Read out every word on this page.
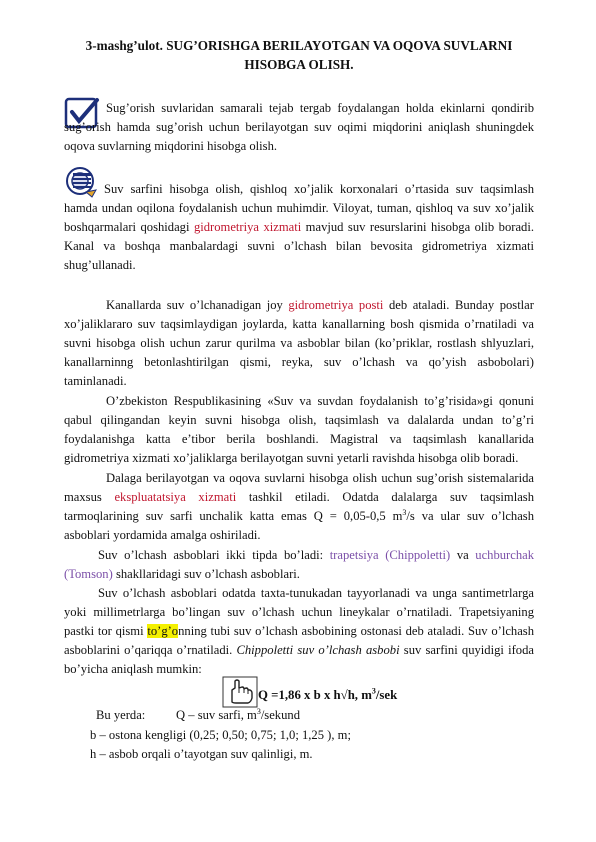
3-mashg’ulot. SUG’ORISHGA BERILAYOTGAN VA OQOVA SUVLARNI
HISOBGA OLISH.
Sug’orish suvlaridan samarali tejab tergab foydalangan holda ekinlarni qondirib sug’orish hamda sug’orish uchun berilayotgan suv oqimi miqdorini aniqlash shuningdek oqova suvlarning miqdorini hisobga olish.
Suv sarfini hisobga olish, qishloq xo’jalik korxonalari o’rtasida suv taqsimlash hamda undan oqilona foydalanish uchun muhimdir. Viloyat, tuman, qishloq va suv xo’jalik boshqarmalari qoshidagi gidrometriya xizmati mavjud suv resurslarini hisobga olib boradi. Kanal va boshqa manbalardagi suvni o’lchash bilan bevosita gidrometriya xizmati shug’ullanadi.
Kanallarda suv o’lchanadigan joy gidrometriya posti deb ataladi. Bunday postlar xo’jaliklararo suv taqsimlaydigan joylarda, katta kanallarning bosh qismida o’rnatiladi va suvni hisobga olish uchun zarur qurilma va asboblar bilan (ko’priklar, rostlash shlyuzlari, kanallarninng betonlashtirilgan qismi, reyka, suv o’lchash va qo’yish asbobolari) taminlanadi.
O’zbekiston Respublikasining «Suv va suvdan foydalanish to’g’risida»gi qonuni qabul qilingandan keyin suvni hisobga olish, taqsimlash va dalalarda undan to’g’ri foydalanishga katta e’tibor berila boshlandi. Magistral va taqsimlash kanallarida gidrometriya xizmati xo’jaliklarga berilayotgan suvni yetarli ravishda hisobga olib boradi.
Dalaga berilayotgan va oqova suvlarni hisobga olish uchun sug’orish sistemalarida maxsus ekspluatatsiya xizmati tashkil etiladi. Odatda dalalarga suv taqsimlash tarmoqlarining suv sarfi unchalik katta emas Q = 0,05-0,5 $m^3/s$ va ular suv o’lchash asboblari yordamida amalga oshiriladi.
Suv o’lchash asboblari ikki tipda bo’ladi: trapetsiya (Chippoletti) va uchburchak (Tomson) shakllaridagi suv o’lchash asboblari.
Suv o’lchash asboblari odatda taxta-tunukadan tayyorlanadi va unga santimetrlarga yoki millimetrlarga bo’lingan suv o’lchash uchun lineykalar o’rnatiladi. Trapetsiyaning pastki tor qismi to’g’onning tubi suv o’lchash asbobining ostonasi deb ataladi. Suv o’lchash asboblarini o’qariqqa o’rnatiladi. Chippoletti suv o’lchash asbobi suv sarfini quyidigi ifoda bo’yicha aniqlash mumkin:
Q =1,86 x b x h√h, $m^3$/sek
Bu yerda: Q – suv sarfi, $m^3$/sekund
b – ostona kengligi (0,25; 0,50; 0,75; 1,0; 1,25 ), m;
h – asbob orqali o’tayotgan suv qalinligi, m.
